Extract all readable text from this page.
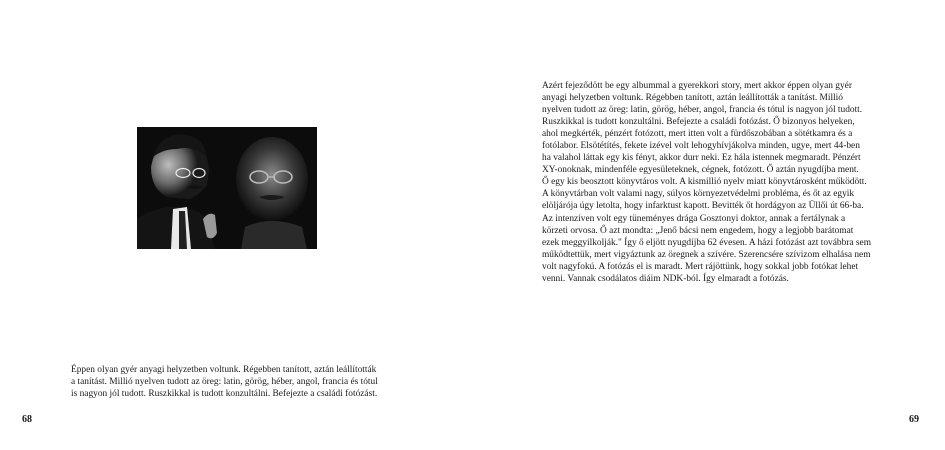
Éppen olyan gyér anyagi helyzetben voltunk. Régebben tanított, aztán leállították
a tanítást. Millió nyelven tudott az öreg: latin, görög, héber, angol, francia és tótul
is nagyon jól tudott. Ruszkikkal is tudott konzultálni. Befejezte a családi fotózást.

68

Azért fejeződött be egy albummal a gyerekkori story, mert akkor éppen olyan gyér
anyagi helyzetben voltunk. Régebben tanított, aztán leállították a tanítást. Millió
nyelven tudott az öreg: latin, görög, héber, angol, francia és tótul is nagyon jól tudott.
Ruszkikkal is tudott konzultálni. Befejezte a családi fotózást. Ő bizonyos helyeken,
ahol megkérték, pénzért fotózott, mert itten volt a fürdőszobában a sötétkamra és a
fotólabor. Elsötétítés, fekete izével volt lehogyhívjákolva minden, ugye, mert 44-ben
ha valahol láttak egy kis fényt, akkor durr neki. Ez hála istennek megmaradt. Pénzért
XY-onoknak, mindenféle egyesületeknek, cégnek, fotózott. Ő aztán nyugdíjba ment.
Ő egy kis beosztott könyvtáros volt. A kismillió nyelv miatt könyvtárosként működött.
A könyvtárban volt valami nagy, súlyos környezetvédelmi probléma, és őt az egyik
elöljárója úgy letolta, hogy infarktust kapott. Bevitték őt hordágyon az Üllői út 66-ba.
Az intenzíven volt egy tüneményes drága Gosztonyi doktor, annak a fertálynak a
körzeti orvosa. Ő azt mondta: „Jenő bácsi nem engedem, hogy a legjobb barátomat
ezek meggyilkolják." Így ő eljött nyugdíjba 62 évesen. A házi fotózást azt továbbra sem
működtettük, mert vigyáztunk az öregnek a szívére. Szerencsére szívizom elhalása nem
volt nagyfokú. A fotózás el is maradt. Mert rájöttünk, hogy sokkal jobb fotókat lehet
venni. Vannak csodálatos diáim NDK-ból. Így elmaradt a fotózás.

69
